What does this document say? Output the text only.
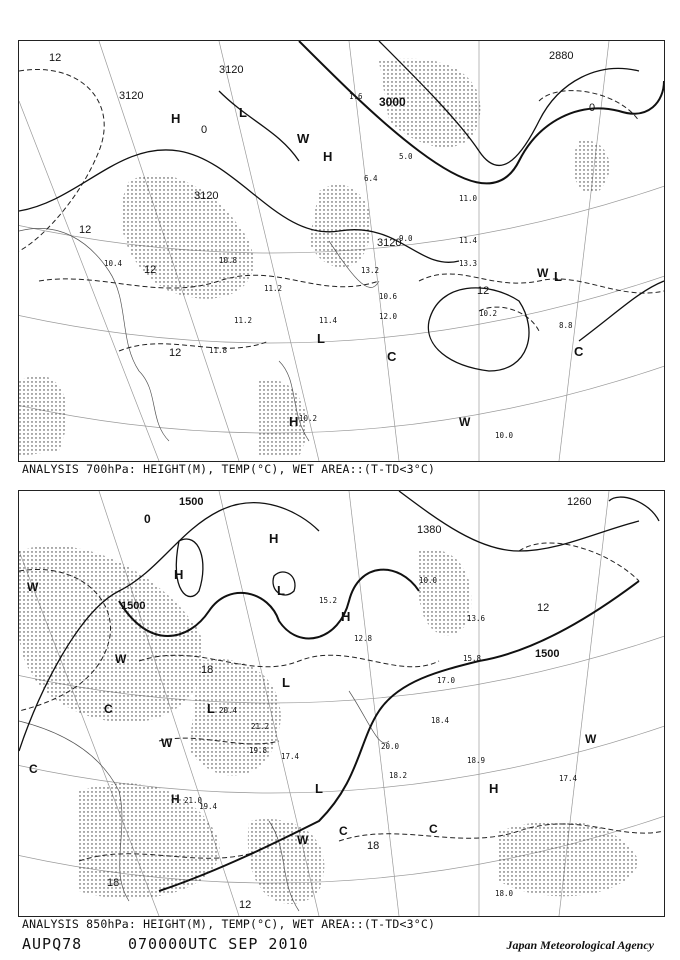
3120
3120
3120
3000
2880
3120
12
12
12
12
12
0
0
H
H
L
W
L
C	C
W
L
H
W
10.4
11.8
10.8
11.4
10.2
12.0
11.2
10.6
13.2
9.0	11.4
6.4
5.0
1.6
11.0
8.8
10.0
13.3
11.2
10.2
ANALYSIS 700hPa: HEIGHT(M), TEMP(°C), WET AREA::(T-TD<3°C)
1500
1500
1500
1380
1260
0
12
18
18
18
12
H
H
L
H
W
L
L
W
C
W
H
C	C
W
W
C
H
L
19.4
21.0
21.2
20.4
19.8
17.4
18.2
20.0
18.4
15.2
12.8
13.6
17.0
18.9
17.4
10.0
18.0
15.8
ANALYSIS 850hPa: HEIGHT(M), TEMP(°C), WET AREA::(T-TD<3°C)
AUPQ78	070000UTC SEP 2010	Japan Meteorological Agency
